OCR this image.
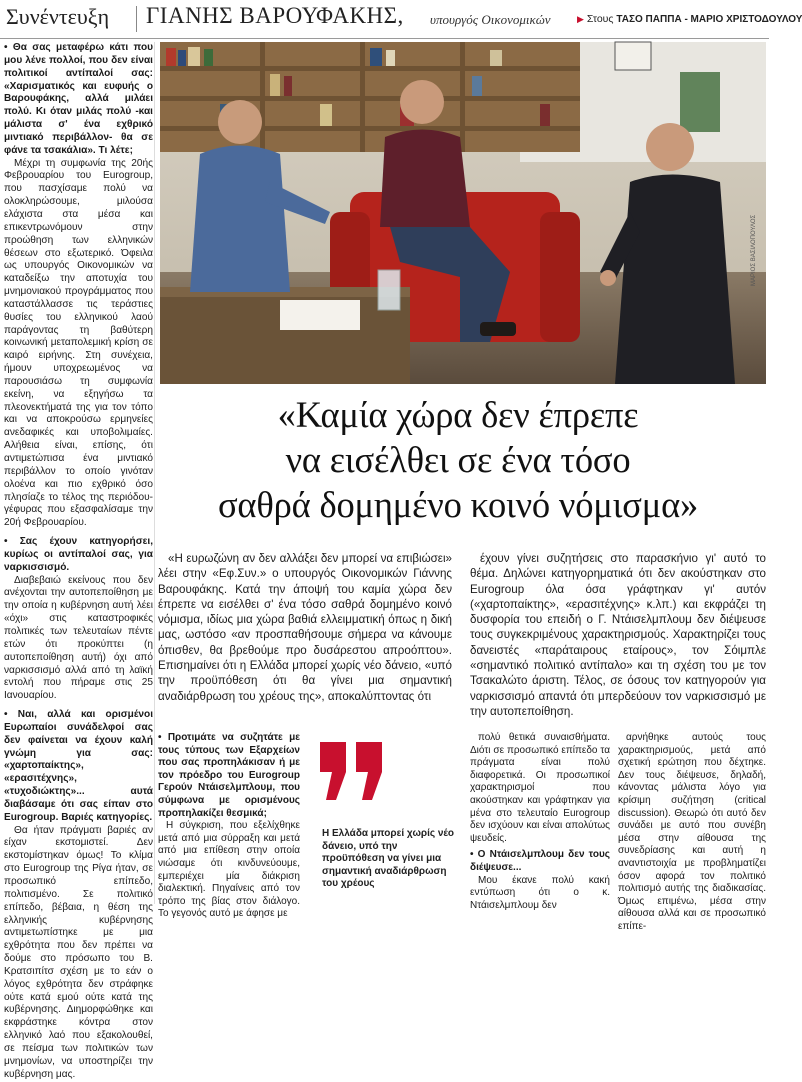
Συνέντευξη ΓΙΑΝΗΣ ΒΑΡΟΥΦΑΚΗΣ, υπουργός Οικονομικών	▶ Στους ΤΑΣΟ ΠΑΠΠΑ - ΜΑΡΙΟ ΧΡΙΣΤΟΔΟΥΛΟΥ

• Θα σας μεταφέρω κάτι που μου λένε πολλοί, που δεν είναι πολιτικοί αντίπαλοί σας: «Χαρισματικός και ευφυής ο Βαρουφάκης, αλλά μιλάει πολύ. Κι όταν μιλάς πολύ -και μάλιστα σ' ένα εχθρικό μιντιακό περιβάλλον- θα σε φάνε τα τσακάλια». Τι λέτε;

Μέχρι τη συμφωνία της 20ής Φεβρουαρίου του Eurogroup, που πασχίσαμε πολύ να ολοκληρώσουμε, μιλούσα ελάχιστα στα μέσα και επικεντρωνόμουν στην προώθηση των ελληνικών θέσεων στο εξωτερικό. Όφειλα ως υπουργός Οικονομικών να καταδείξω την αποτυχία του μνημονιακού προγράμματος που καταστάλλασσε τις τεράστιες θυσίες του ελληνικού λαού παράγοντας τη βαθύτερη κοινωνική μεταπολεμική κρίση σε καιρό ειρήνης. Στη συνέχεια, ήμουν υποχρεωμένος να παρουσιάσω τη συμφωνία εκείνη, να εξηγήσω τα πλεονεκτήματά της για τον τόπο και να αποκρούσω ερμηνείες ανεδαφικές και υποβολιμαίες. Αλήθεια είναι, επίσης, ότι αντιμετώπισα ένα μιντιακό περιβάλλον το οποίο γινόταν ολοένα και πιο εχθρικό όσο πλησίαζε το τέλος της περιόδου-γέφυρας που εξασφαλίσαμε την 20ή Φεβρουαρίου.

• Σας έχουν κατηγορήσει, κυρίως οι αντίπαλοί σας, για ναρκισσισμό.

Διαβεβαιώ εκείνους που δεν ανέχονται την αυτοπεποίθηση με την οποία η κυβέρνηση αυτή λέει «όχι» στις καταστροφικές πολιτικές των τελευταίων πέντε ετών ότι προκύπτει (η αυτοπεποίθηση αυτή) όχι από ναρκισσισμό αλλά από τη λαϊκή εντολή που πήραμε στις 25 Ιανουαρίου.

• Ναι, αλλά και ορισμένοι Ευρωπαίοι συνάδελφοί σας δεν φαίνεται να έχουν καλή γνώμη για σας: «χαρτοπαίκτης», «ερασιτέχνης», «τυχοδιώκτης»... αυτά διαβάσαμε ότι σας είπαν στο Eurogroup. Βαριές κατηγορίες.

Θα ήταν πράγματι βαριές αν είχαν εκστομιστεί. Δεν εκστομίστηκαν όμως! Το κλίμα στο Eurogroup της Ρίγα ήταν, σε προσωπικό επίπεδο, πολιτισμένο. Σε πολιτικό επίπεδο, βέβαια, η θέση της ελληνικής κυβέρνησης αντιμετωπίστηκε με μια εχθρότητα που δεν πρέπει να δούμε στο πρόσωπο του Β. Κρατσιπίτσ σχέση με το εάν ο λόγος εχθρότητα δεν στράφηκε ούτε κατά εμού ούτε κατά της κυβέρνησης. Διημορφώθηκε και εκφράστηκε κόντρα στον ελληνικό λαό που εξακολουθεί, σε πείσμα των πολιτικών των μνημονίων, να υποστηρίζει την κυβέρνηση μας.

ΜΑΡΙΟΣ ΒΑΣΙΛΟΠΟΥΛΟΣ
«Καμία χώρα δεν έπρεπε
να εισέλθει σε ένα τόσο
σαθρά δομημένο κοινό νόμισμα»

«Η ευρωζώνη αν δεν αλλάξει δεν μπορεί να επιβιώσει» λέει στην «Εφ.Συν.» ο υπουργός Οικονομικών Γιάννης Βαρουφάκης. Κατά την άποψή του καμία χώρα δεν έπρεπε να εισέλθει σ' ένα τόσο σαθρά δομημένο κοινό νόμισμα, ιδίως μια χώρα βαθιά ελλειμματική όπως η δική μας, ωστόσο «αν προσπαθήσουμε σήμερα να κάνουμε όπισθεν, θα βρεθούμε προ δυσάρεστου απροόπτου». Επισημαίνει ότι η Ελλάδα μπορεί χωρίς νέο δάνειο, «υπό την προϋπόθεση ότι θα γίνει μια σημαντική αναδιάρθρωση του χρέους της», αποκαλύπτοντας ότι

έχουν γίνει συζητήσεις στο παρασκήνιο γι' αυτό το θέμα. Δηλώνει κατηγορηματικά ότι δεν ακούστηκαν στο Eurogroup όλα όσα γράφτηκαν γι' αυτόν («χαρτοπαίκτης», «ερασιτέχνης» κ.λπ.) και εκφράζει τη δυσφορία του επειδή ο Γ. Ντάισελμπλουμ δεν διέψευσε τους συγκεκριμένους χαρακτηρισμούς. Χαρακτηρίζει τους δανειστές «παράταιρους εταίρους», τον Σόιμπλε «σημαντικό πολιτικό αντίπαλο» και τη σχέση του με τον Τσακαλώτο άριστη. Τέλος, σε όσους τον κατηγορούν για ναρκισσισμό απαντά ότι μπερδεύουν τον ναρκισσισμό με την αυτοπεποίθηση.

• Προτιμάτε να συζητάτε με τους τύπους των Εξαρχείων που σας προπηλάκισαν ή με τον πρόεδρο του Eurogroup Γερούν Ντάισελμπλουμ, που σύμφωνα με ορισμένους προπηλακίζει θεσμικά;

Η σύγκριση, που εξελίχθηκε μετά από μια σύρραξη και μετά από μια επίθεση στην οποία νιώσαμε ότι κινδυνεύουμε, εμπεριέχει μία διάκριση διαλεκτική. Πηγαίνεις από τον τρόπο της βίας στον διάλογο. Το γεγονός αυτό με άφησε με

Η Ελλάδα μπορεί χωρίς νέο δάνειο, υπό την προϋπόθεση να γίνει μια σημαντική αναδιάρθρωση του χρέους

πολύ θετικά συναισθήματα. Διότι σε προσωπικό επίπεδο τα πράγματα είναι πολύ διαφορετικά. Οι προσωπικοί χαρακτηρισμοί που ακούστηκαν και γράφτηκαν για μένα στο τελευταίο Eurogroup δεν ισχύουν και είναι απολύτως ψευδείς.

• Ο Ντάισελμπλουμ δεν τους διέψευσε...

Μου έκανε πολύ κακή εντύπωση ότι ο κ. Ντάισελμπλουμ δεν

αρνήθηκε αυτούς τους χαρακτηρισμούς, μετά από σχετική ερώτηση που δέχτηκε. Δεν τους διέψευσε, δηλαδή, κάνοντας μάλιστα λόγο για κρίσιμη συζήτηση (critical discussion). Θεωρώ ότι αυτό δεν συνάδει με αυτό που συνέβη μέσα στην αίθουσα της συνεδρίασης και αυτή η αναντιστοιχία με προβληματίζει όσον αφορά τον πολιτικό πολιτισμό αυτής της διαδικασίας. Όμως επιμένω, μέσα στην αίθουσα αλλά και σε προσωπικό επίπε-
